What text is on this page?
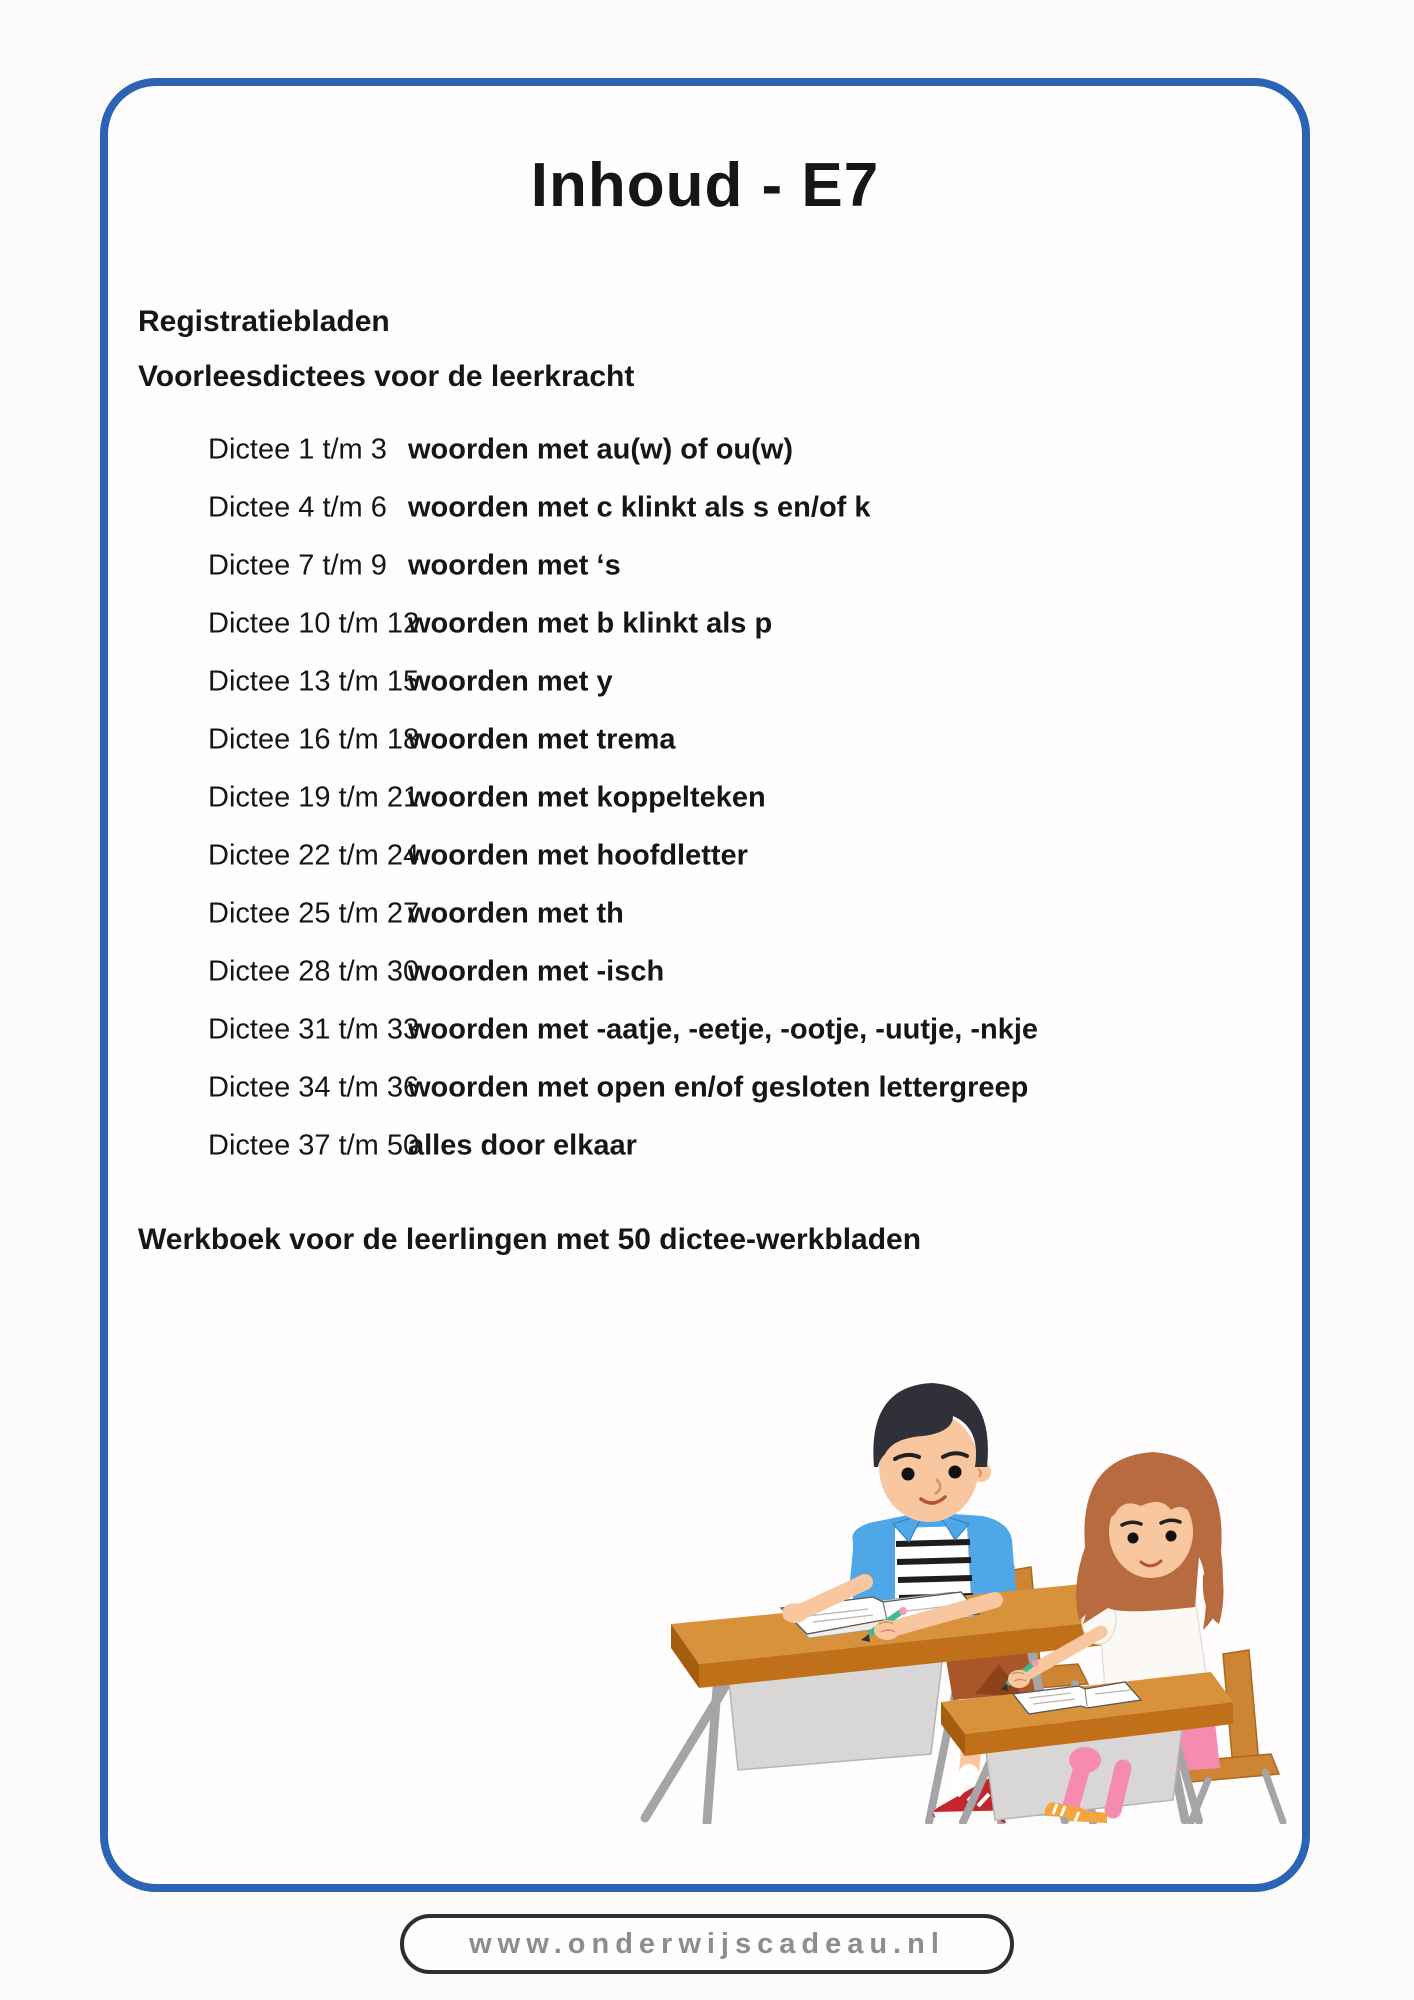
Inhoud - E7
Registratiebladen
Voorleesdictees voor de leerkracht
Dictee 1 t/m 3 woorden met au(w) of ou(w)
Dictee 4 t/m 6 woorden met c klinkt als s en/of k
Dictee 7 t/m 9 woorden met ‘s
Dictee 10 t/m 12
woorden met b klinkt als p
Dictee 13 t/m 15
woorden met y
Dictee 16 t/m 18
woorden met trema
Dictee 19 t/m 21
woorden met koppelteken
Dictee 22 t/m 24
woorden met hoofdletter
Dictee 25 t/m 27
woorden met th
Dictee 28 t/m 30
woorden met -isch
Dictee 31 t/m 33
woorden met -aatje, -eetje, -ootje, -uutje, -nkje
Dictee 34 t/m 36
woorden met open en/of gesloten lettergreep
Dictee 37 t/m 50
alles door elkaar
Werkboek voor de leerlingen met 50 dictee-werkbladen
www.onderwijscadeau.nl
